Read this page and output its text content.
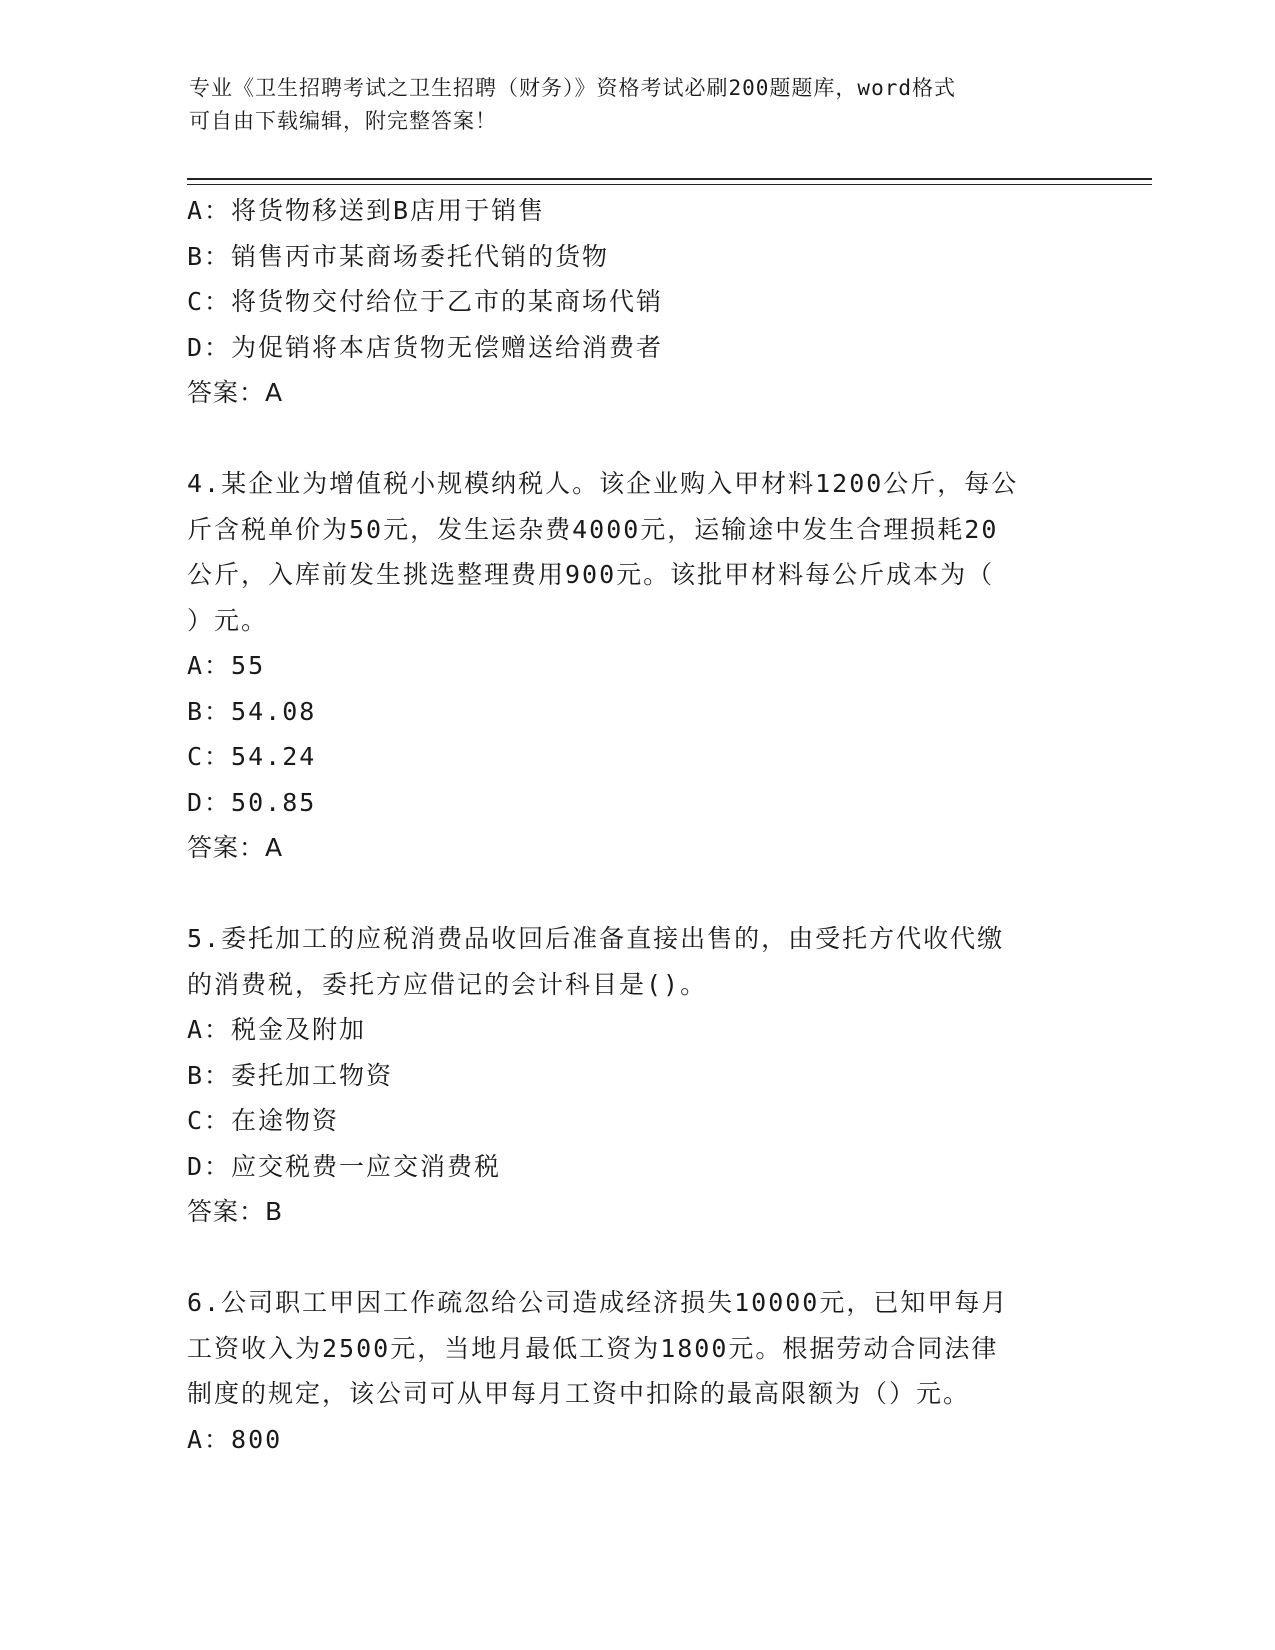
专业《卫生招聘考试之卫生招聘（财务）》资格考试必刷200题题库，word格式
可自由下载编辑，附完整答案！
A：将货物移送到B店用于销售
B：销售丙市某商场委托代销的货物
C：将货物交付给位于乙市的某商场代销
D：为促销将本店货物无偿赠送给消费者
答案：A
4.某企业为增值税小规模纳税人。该企业购入甲材料1200公斤，每公
斤含税单价为50元，发生运杂费4000元，运输途中发生合理损耗20
公斤，入库前发生挑选整理费用900元。该批甲材料每公斤成本为（
）元。
A：55
B：54.08
C：54.24
D：50.85
答案：A
5.委托加工的应税消费品收回后准备直接出售的，由受托方代收代缴
的消费税，委托方应借记的会计科目是()。
A：税金及附加
B：委托加工物资
C：在途物资
D：应交税费一应交消费税
答案：B
6.公司职工甲因工作疏忽给公司造成经济损失10000元，已知甲每月
工资收入为2500元，当地月最低工资为1800元。根据劳动合同法律
制度的规定，该公司可从甲每月工资中扣除的最高限额为（）元。
A：800
